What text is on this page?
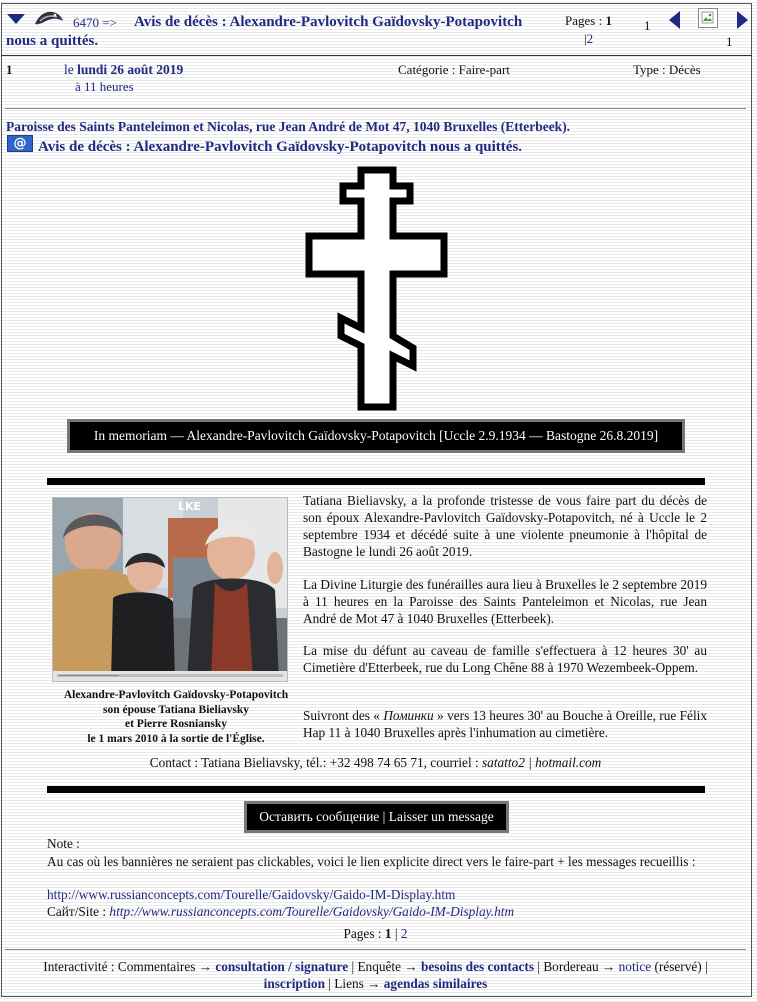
6470 => Avis de décès : Alexandre-Pavlovitch Gaïdovsky-Potapovitch
nous a quittés.
Pages : 1
|2
1
1
1	le lundi 26 août 2019
à 11 heures
Catégorie : Faire-part	Type : Décès
Paroisse des Saints Panteleimon et Nicolas, rue Jean André de Mot 47, 1040 Bruxelles (Etterbeek).
@ Avis de décès : Alexandre-Pavlovitch Gaïdovsky-Potapovitch nous a quittés.
In memoriam — Alexandre-Pavlovitch Gaïdovsky-Potapovitch [Uccle 2.9.1934 — Bastogne 26.8.2019]
LKE
Alexandre-Pavlovitch Gaïdovsky-Potapovitch
son épouse Tatiana Bieliavsky
et Pierre Rosniansky
le 1 mars 2010 à la sortie de l'Église.
Tatiana Bieliavsky, a la profonde tristesse de vous faire part du décès de son époux Alexandre-Pavlovitch Gaïdovsky-Potapovitch, né à Uccle le 2 septembre 1934 et décédé suite à une violente pneumonie à l'hôpital de Bastogne le lundi 26 août 2019.
La Divine Liturgie des funérailles aura lieu à Bruxelles le 2 septembre 2019 à 11 heures en la Paroisse des Saints Panteleimon et Nicolas, rue Jean André de Mot 47 à 1040 Bruxelles (Etterbeek).
La mise du défunt au caveau de famille s'effectuera à 12 heures 30' au Cimetière d'Etterbeek, rue du Long Chêne 88 à 1970 Wezembeek-Oppem.
Suivront des « Поминки » vers 13 heures 30' au Bouche à Oreille, rue Félix Hap 11 à 1040 Bruxelles après l'inhumation au cimetière.
Contact : Tatiana Bieliavsky, tél.: +32 498 74 65 71, courriel : satatto2 | hotmail.com
Оставить сообщение | Laisser un message
Note :
Au cas où les bannières ne seraient pas clickables, voici le lien explicite direct vers le faire-part + les messages recueillis :
http://www.russianconcepts.com/Tourelle/Gaidovsky/Gaido-IM-Display.htm
Сайт/Site : http://www.russianconcepts.com/Tourelle/Gaidovsky/Gaido-IM-Display.htm
Pages : 1 | 2
Interactivité : Commentaires → consultation / signature | Enquête → besoins des contacts | Bordereau → notice (réservé) |
inscription | Liens → agendas similaires
